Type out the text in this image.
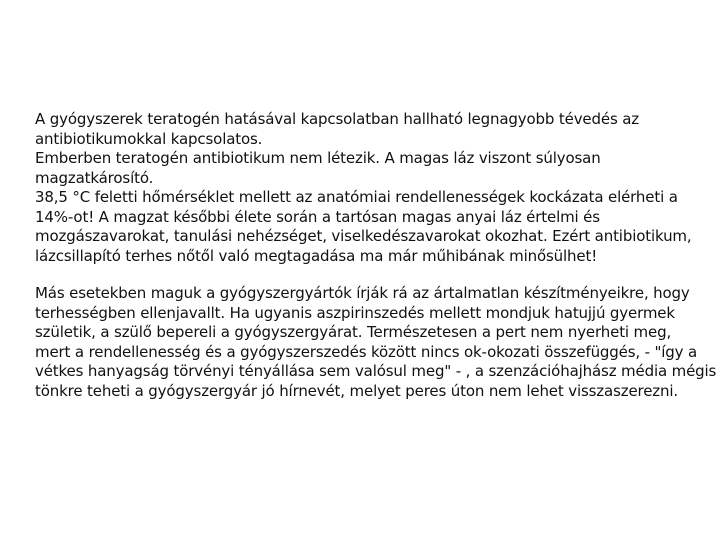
A gyógyszerek teratogén hatásával kapcsolatban hallható legnagyobb tévedés az
antibiotikumokkal kapcsolatos.
Emberben teratogén antibiotikum nem létezik. A magas láz viszont súlyosan
magzatkárosító.
38,5 °C feletti hőmérséklet mellett az anatómiai rendellenességek kockázata elérheti a
14%-ot! A magzat későbbi élete során a tartósan magas anyai láz értelmi és
mozgászavarokat, tanulási nehézséget, viselkedészavarokat okozhat. Ezért antibiotikum,
lázcsillapító terhes nőtől való megtagadása ma már műhibának minősülhet!
Más esetekben maguk a gyógyszergyártók írják rá az ártalmatlan készítményeikre, hogy
terhességben ellenjavallt. Ha ugyanis aszpirinszedés mellett mondjuk hatujjú gyermek
születik, a szülő bepereli a gyógyszergyárat. Természetesen a pert nem nyerheti meg,
mert a rendellenesség és a gyógyszerszedés között nincs ok-okozati összefüggés, - "így a
vétkes hanyagság törvényi tényállása sem valósul meg" - , a szenzációhajhász média mégis
tönkre teheti a gyógyszergyár jó hírnevét, melyet peres úton nem lehet visszaszerezni.
